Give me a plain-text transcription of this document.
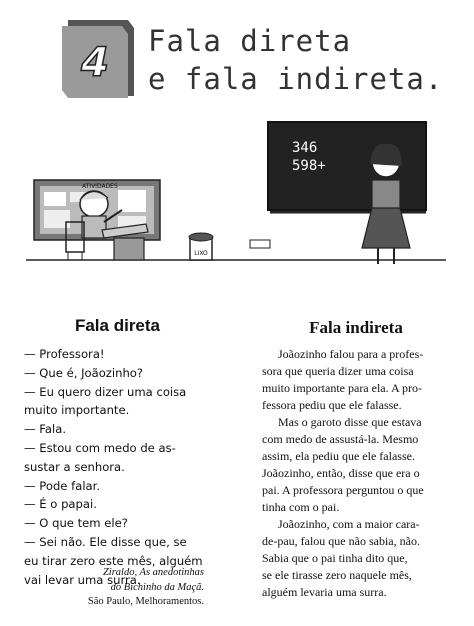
4 Fala direta
e fala indireta.
ATIVIDADES
LIXO
346
598+
Fala direta	Fala indireta
— Professora!
— Que é, Joãozinho?
— Eu quero dizer uma coisa
muito importante.
— Fala.
— Estou com medo de as-
sustar a senhora.
— Pode falar.
— É o papai.
— O que tem ele?
— Sei não. Ele disse que, se
eu tirar zero este mês, alguém
vai levar uma surra.
Joãozinho falou para a profes-
sora que queria dizer uma coisa
muito importante para ela. A pro-
fessora pediu que ele falasse.
Mas o garoto disse que estava
com medo de assustá-la. Mesmo
assim, ela pediu que ele falasse.
Joãozinho, então, disse que era o
pai. A professora perguntou o que
tinha com o pai.
Joãozinho, com a maior cara-
de-pau, falou que não sabia, não.
Sabia que o pai tinha dito que,
se ele tirasse zero naquele mês,
alguém levaria uma surra.
Ziraldo, As anedotinhas
do Bichinho da Maçã.
São Paulo, Melhoramentos.
